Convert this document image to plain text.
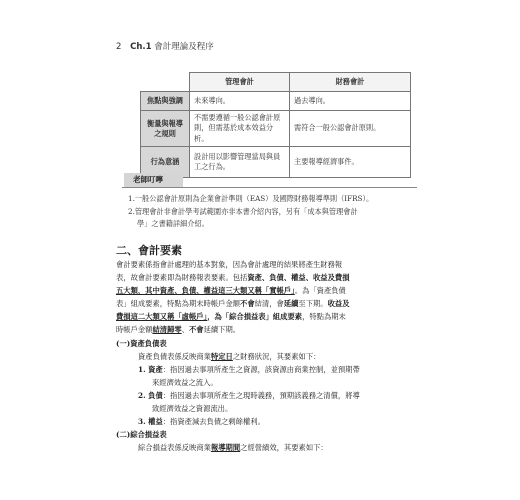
2 Ch.1 會計理論及程序
	管理會計	財務會計
焦點與強調	未來導向。	過去導向。
衡量與報導之規則	不需要遵循一般公認會計原則，但需基於成本效益分析。	需符合一般公認會計原則。
行為意涵	設計用以影響管理當局與員工之行為。	主要報導經濟事件。
老師叮嚀

1.一般公認會計原則為企業會計準則（EAS）及國際財務報導準則（IFRS）。

2.管理會計非會計學考試範圍亦非本書介紹內容，另有「成本與管理會計

學」之書籍詳細介紹。

二、會計要素

會計要素係指會計處理的基本對象，因為會計處理的結果將產生財務報

表，故會計要素即為財務報表要素。包括資產、負債、權益、收益及費損

五大類，其中資產、負債、權益這三大類又稱「實帳戶」。為「資產負債

表」組成要素，特點為期末時帳戶金額不會結清，會延續至下期。收益及

費損這二大類又稱「虛帳戶」，為「綜合損益表」組成要素，特點為期末

時帳戶金額結清歸零、不會延續下期。

(一)資產負債表

資產負債表係反映商業特定日之財務狀況，其要素如下：

1. 資產：指因過去事項所產生之資源，該資源由商業控制，並預期帶

來經濟效益之流入。

2. 負債：指因過去事項所產生之現時義務，預期該義務之清償，將導

致經濟效益之資源流出。

3. 權益：指資產減去負債之剩餘權利。

(二)綜合損益表

綜合損益表係反映商業報導期間之經營績效，其要素如下：
